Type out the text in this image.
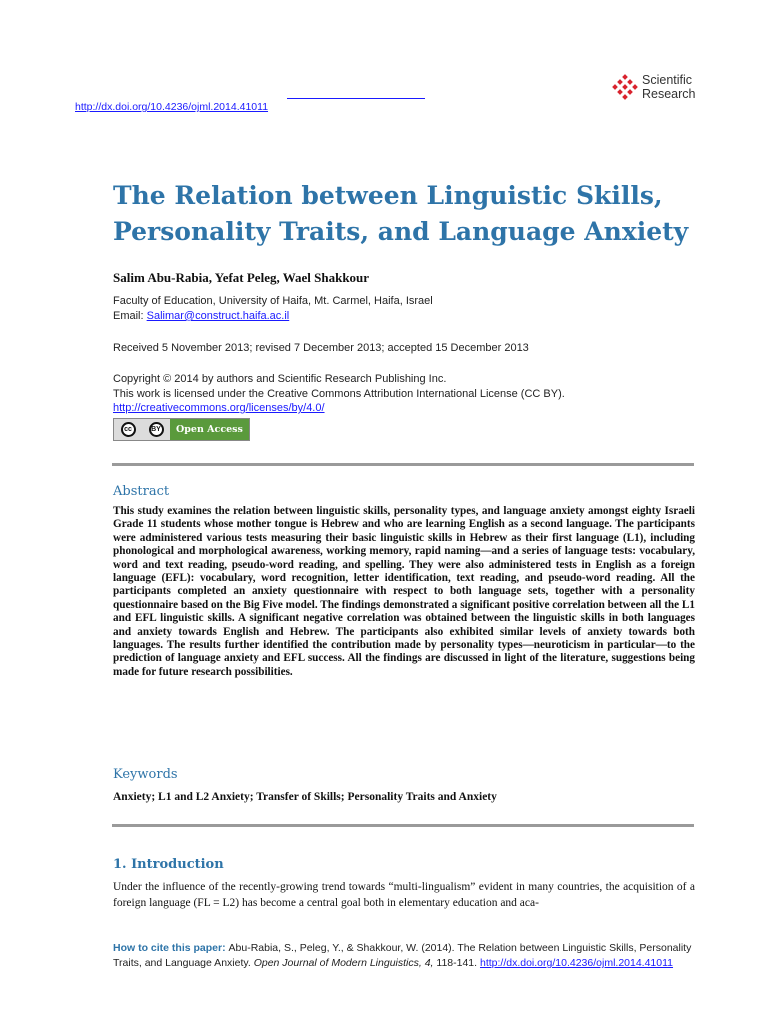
http://dx.doi.org/10.4236/ojml.2014.41011
Scientific
Research
The Relation between Linguistic Skills, Personality Traits, and Language Anxiety
Salim Abu-Rabia, Yefat Peleg, Wael Shakkour
Faculty of Education, University of Haifa, Mt. Carmel, Haifa, Israel
Email: Salimar@construct.haifa.ac.il
Received 5 November 2013; revised 7 December 2013; accepted 15 December 2013
Copyright © 2014 by authors and Scientific Research Publishing Inc.
This work is licensed under the Creative Commons Attribution International License (CC BY).
http://creativecommons.org/licenses/by/4.0/
cc	BY	Open Access
Abstract

This study examines the relation between linguistic skills, personality types, and language anxiety amongst eighty Israeli Grade 11 students whose mother tongue is Hebrew and who are learning English as a second language. The participants were administered various tests measuring their basic linguistic skills in Hebrew as their first language (L1), including phonological and morphological awareness, working memory, rapid naming—and a series of language tests: vocabulary, word and text reading, pseudo-word reading, and spelling. They were also administered tests in English as a foreign language (EFL): vocabulary, word recognition, letter identification, text reading, and pseudo-word reading. All the participants completed an anxiety questionnaire with respect to both language sets, together with a personality questionnaire based on the Big Five model. The findings demonstrated a significant positive correlation between all the L1 and EFL linguistic skills. A significant negative correlation was obtained between the linguistic skills in both languages and anxiety towards English and Hebrew. The participants also exhibited similar levels of anxiety towards both languages. The results further identified the contribution made by personality types—neuroticism in particular—to the prediction of language anxiety and EFL success. All the findings are discussed in light of the literature, suggestions being made for future research possibilities.

Keywords
Anxiety; L1 and L2 Anxiety; Transfer of Skills; Personality Traits and Anxiety
1. Introduction

Under the influence of the recently-growing trend towards “multi-lingualism” evident in many countries, the acquisition of a foreign language (FL = L2) has become a central goal both in elementary education and aca-

How to cite this paper: Abu-Rabia, S., Peleg, Y., & Shakkour, W. (2014). The Relation between Linguistic Skills, Personality Traits, and Language Anxiety. Open Journal of Modern Linguistics, 4, 118-141. http://dx.doi.org/10.4236/ojml.2014.41011
